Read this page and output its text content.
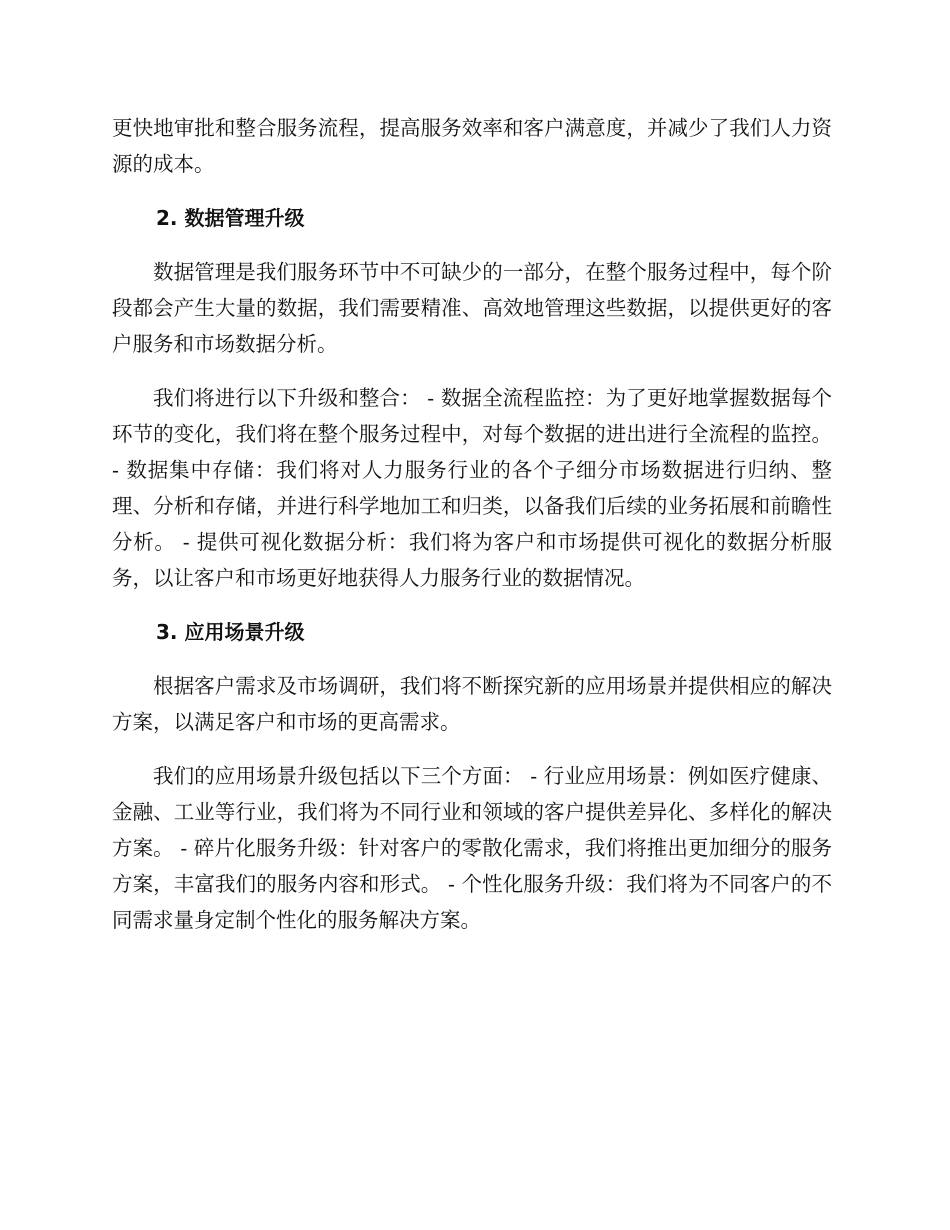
更快地审批和整合服务流程，提高服务效率和客户满意度，并减少了我们人力资源的成本。

2. 数据管理升级

数据管理是我们服务环节中不可缺少的一部分，在整个服务过程中，每个阶段都会产生大量的数据，我们需要精准、高效地管理这些数据，以提供更好的客户服务和市场数据分析。

我们将进行以下升级和整合： - 数据全流程监控：为了更好地掌握数据每个环节的变化，我们将在整个服务过程中，对每个数据的进出进行全流程的监控。 - 数据集中存储：我们将对人力服务行业的各个子细分市场数据进行归纳、整理、分析和存储，并进行科学地加工和归类，以备我们后续的业务拓展和前瞻性分析。 - 提供可视化数据分析：我们将为客户和市场提供可视化的数据分析服务，以让客户和市场更好地获得人力服务行业的数据情况。

3. 应用场景升级

根据客户需求及市场调研，我们将不断探究新的应用场景并提供相应的解决方案，以满足客户和市场的更高需求。

我们的应用场景升级包括以下三个方面： - 行业应用场景：例如医疗健康、金融、工业等行业，我们将为不同行业和领域的客户提供差异化、多样化的解决方案。 - 碎片化服务升级：针对客户的零散化需求，我们将推出更加细分的服务方案，丰富我们的服务内容和形式。 - 个性化服务升级：我们将为不同客户的不同需求量身定制个性化的服务解决方案。
